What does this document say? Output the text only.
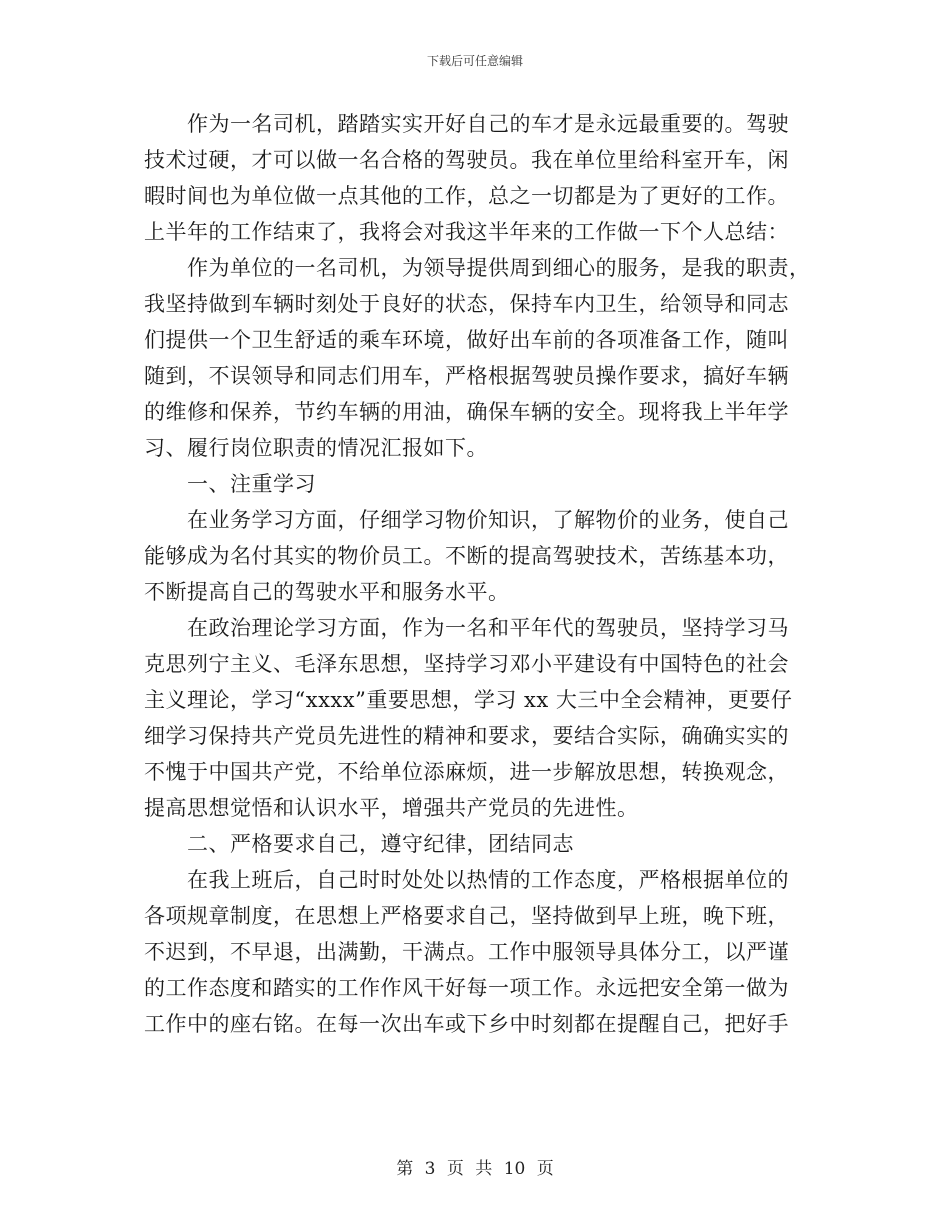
下载后可任意编辑
作为一名司机，踏踏实实开好自己的车才是永远最重要的。驾驶
技术过硬，才可以做一名合格的驾驶员。我在单位里给科室开车，闲
暇时间也为单位做一点其他的工作，总之一切都是为了更好的工作。
上半年的工作结束了，我将会对我这半年来的工作做一下个人总结：
作为单位的一名司机，为领导提供周到细心的服务，是我的职责，
我坚持做到车辆时刻处于良好的状态，保持车内卫生，给领导和同志
们提供一个卫生舒适的乘车环境，做好出车前的各项准备工作，随叫
随到，不误领导和同志们用车，严格根据驾驶员操作要求，搞好车辆
的维修和保养，节约车辆的用油，确保车辆的安全。现将我上半年学
习、履行岗位职责的情况汇报如下。
一、注重学习
在业务学习方面，仔细学习物价知识，了解物价的业务，使自己
能够成为名付其实的物价员工。不断的提高驾驶技术，苦练基本功，
不断提高自己的驾驶水平和服务水平。
在政治理论学习方面，作为一名和平年代的驾驶员，坚持学习马
克思列宁主义、毛泽东思想，坚持学习邓小平建设有中国特色的社会
主义理论，学习“xxxx”重要思想，学习 xx 大三中全会精神，更要仔
细学习保持共产党员先进性的精神和要求，要结合实际，确确实实的
不愧于中国共产党，不给单位添麻烦，进一步解放思想，转换观念，
提高思想觉悟和认识水平，增强共产党员的先进性。
二、严格要求自己，遵守纪律，团结同志
在我上班后，自己时时处处以热情的工作态度，严格根据单位的
各项规章制度，在思想上严格要求自己，坚持做到早上班，晚下班，
不迟到，不早退，出满勤，干满点。工作中服领导具体分工，以严谨
的工作态度和踏实的工作作风干好每一项工作。永远把安全第一做为
工作中的座右铭。在每一次出车或下乡中时刻都在提醒自己，把好手
第 3 页 共 10 页
